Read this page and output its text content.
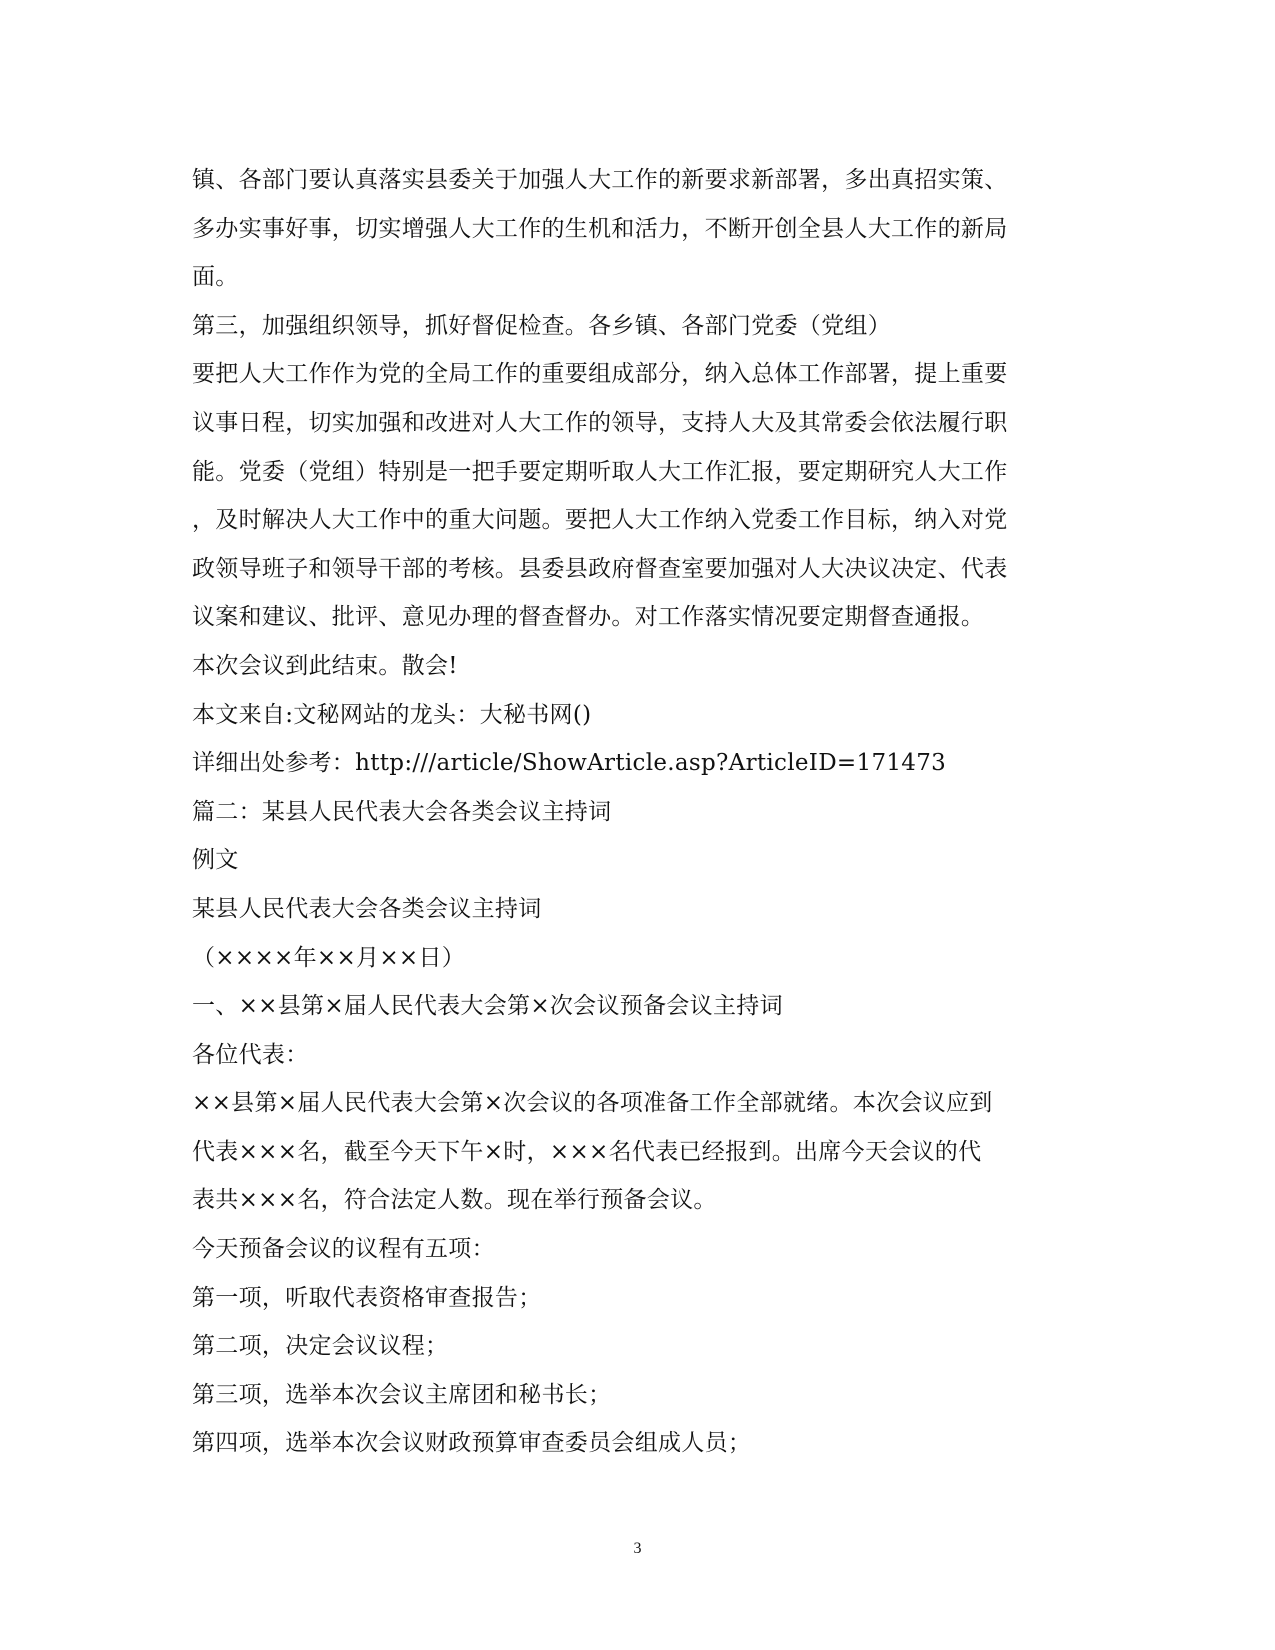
镇、各部门要认真落实县委关于加强人大工作的新要求新部署，多出真招实策、
多办实事好事，切实增强人大工作的生机和活力，不断开创全县人大工作的新局
面。
第三，加强组织领导，抓好督促检查。各乡镇、各部门党委（党组）
要把人大工作作为党的全局工作的重要组成部分，纳入总体工作部署，提上重要
议事日程，切实加强和改进对人大工作的领导，支持人大及其常委会依法履行职
能。党委（党组）特别是一把手要定期听取人大工作汇报，要定期研究人大工作
，及时解决人大工作中的重大问题。要把人大工作纳入党委工作目标，纳入对党
政领导班子和领导干部的考核。县委县政府督查室要加强对人大决议决定、代表
议案和建议、批评、意见办理的督查督办。对工作落实情况要定期督查通报。
本次会议到此结束。散会!
本文来自:文秘网站的龙头：大秘书网()
详细出处参考：http:///article/ShowArticle.asp?ArticleID=171473
篇二：某县人民代表大会各类会议主持词
例文
某县人民代表大会各类会议主持词
（××××年××月××日）
一、××县第×届人民代表大会第×次会议预备会议主持词
各位代表：
××县第×届人民代表大会第×次会议的各项准备工作全部就绪。本次会议应到
代表×××名，截至今天下午×时，×××名代表已经报到。出席今天会议的代
表共×××名，符合法定人数。现在举行预备会议。
今天预备会议的议程有五项：
第一项，听取代表资格审查报告；
第二项，决定会议议程；
第三项，选举本次会议主席团和秘书长；
第四项，选举本次会议财政预算审查委员会组成人员；
3
